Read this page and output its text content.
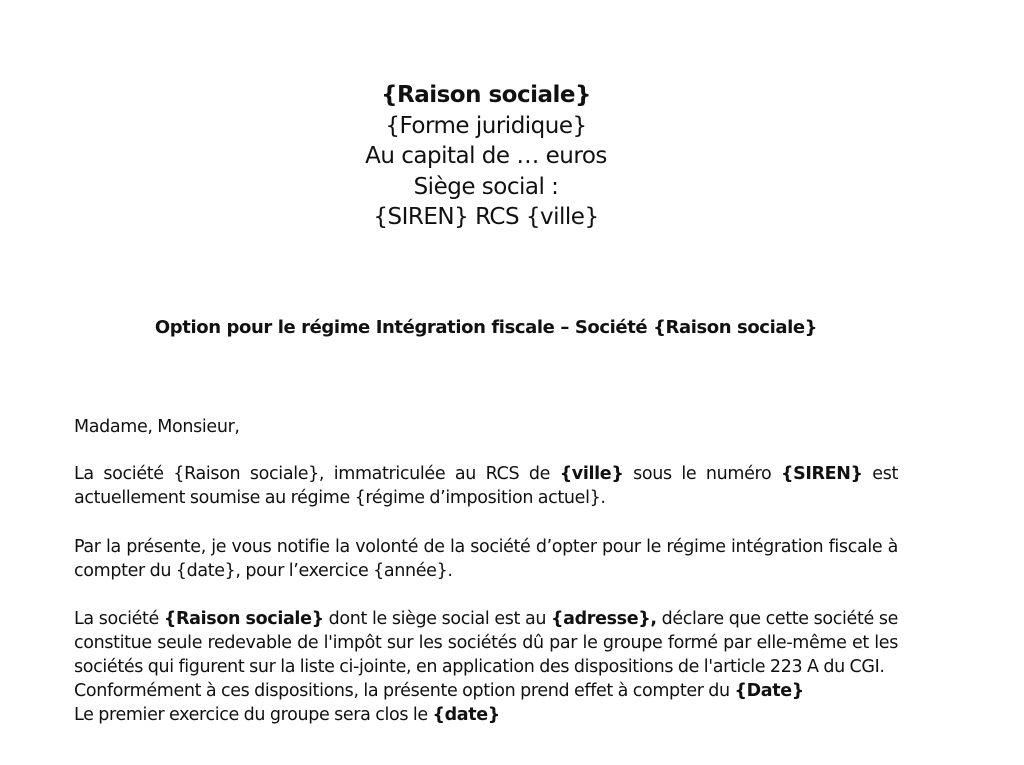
{Raison sociale}
{Forme juridique}
Au capital de … euros
Siège social :
{SIREN} RCS {ville}
Option pour le régime Intégration fiscale – Société {Raison sociale}

Madame, Monsieur,

La société {Raison sociale}, immatriculée au RCS de {ville} sous le numéro {SIREN} est actuellement soumise au régime {régime d’imposition actuel}.

Par la présente, je vous notifie la volonté de la société d’opter pour le régime intégration fiscale à compter du {date}, pour l’exercice {année}.

La société {Raison sociale} dont le siège social est au {adresse}, déclare que cette société se constitue seule redevable de l'impôt sur les sociétés dû par le groupe formé par elle-même et les sociétés qui figurent sur la liste ci-jointe, en application des dispositions de l'article 223 A du CGI.

Conformément à ces dispositions, la présente option prend effet à compter du {Date}

Le premier exercice du groupe sera clos le {date}
